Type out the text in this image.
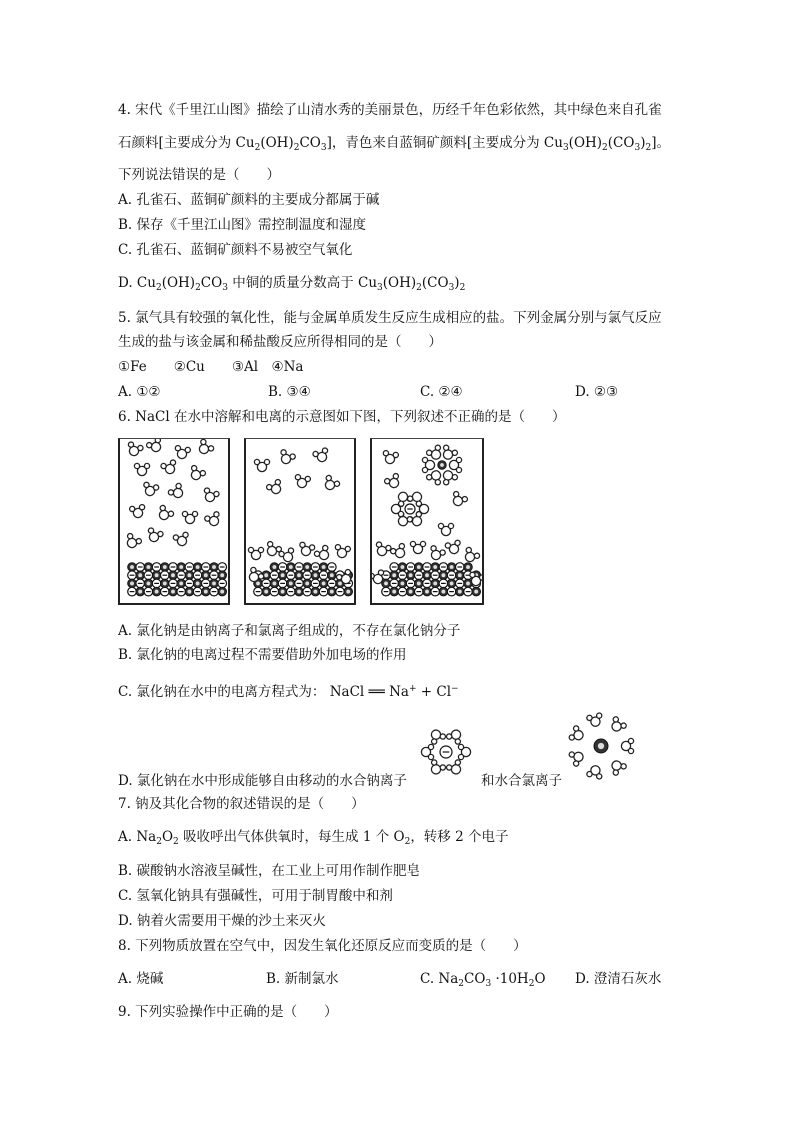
4. 宋代《千里江山图》描绘了山清水秀的美丽景色，历经千年色彩依然，其中绿色来自孔雀
石颜料[主要成分为 $Cu_2(OH)_2CO_3$]，青色来自蓝铜矿颜料[主要成分为 $Cu_3(OH)_2(CO_3)_2$]。
下列说法错误的是（　　）
A. 孔雀石、蓝铜矿颜料的主要成分都属于碱
B. 保存《千里江山图》需控制温度和湿度
C. 孔雀石、蓝铜矿颜料不易被空气氧化
D. $Cu_2(OH)_2CO_3$ 中铜的质量分数高于 $Cu_3(OH)_2(CO_3)_2$
5. 氯气具有较强的氧化性，能与金属单质发生反应生成相应的盐。下列金属分别与氯气反应
生成的盐与该金属和稀盐酸反应所得相同的是（　　）
①Fe　　②Cu　　③Al　④Na
A. ①②	B. ③④	C. ②④	D. ②③
6. NaCl 在水中溶解和电离的示意图如下图，下列叙述不正确的是（　　）
A. 氯化钠是由钠离子和氯离子组成的，不存在氯化钠分子
B. 氯化钠的电离过程不需要借助外加电场的作用
C. 氯化钠在水中的电离方程式为： NaCl ══ Na+ + Cl−
D. 氯化钠在水中形成能够自由移动的水合钠离子	和水合氯离子
7. 钠及其化合物的叙述错误的是（　　）
A. $Na_2O_2$ 吸收呼出气体供氧时，每生成 1 个 $O_2$，转移 2 个电子
B. 碳酸钠水溶液呈碱性，在工业上可用作制作肥皂
C. 氢氧化钠具有强碱性，可用于制胃酸中和剂
D. 钠着火需要用干燥的沙土来灭火
8. 下列物质放置在空气中，因发生氧化还原反应而变质的是（　　）
A. 烧碱	B. 新制氯水	C. $Na_2CO_3 \cdot 10H_2O$ D. 澄清石灰水
9. 下列实验操作中正确的是（　　）
